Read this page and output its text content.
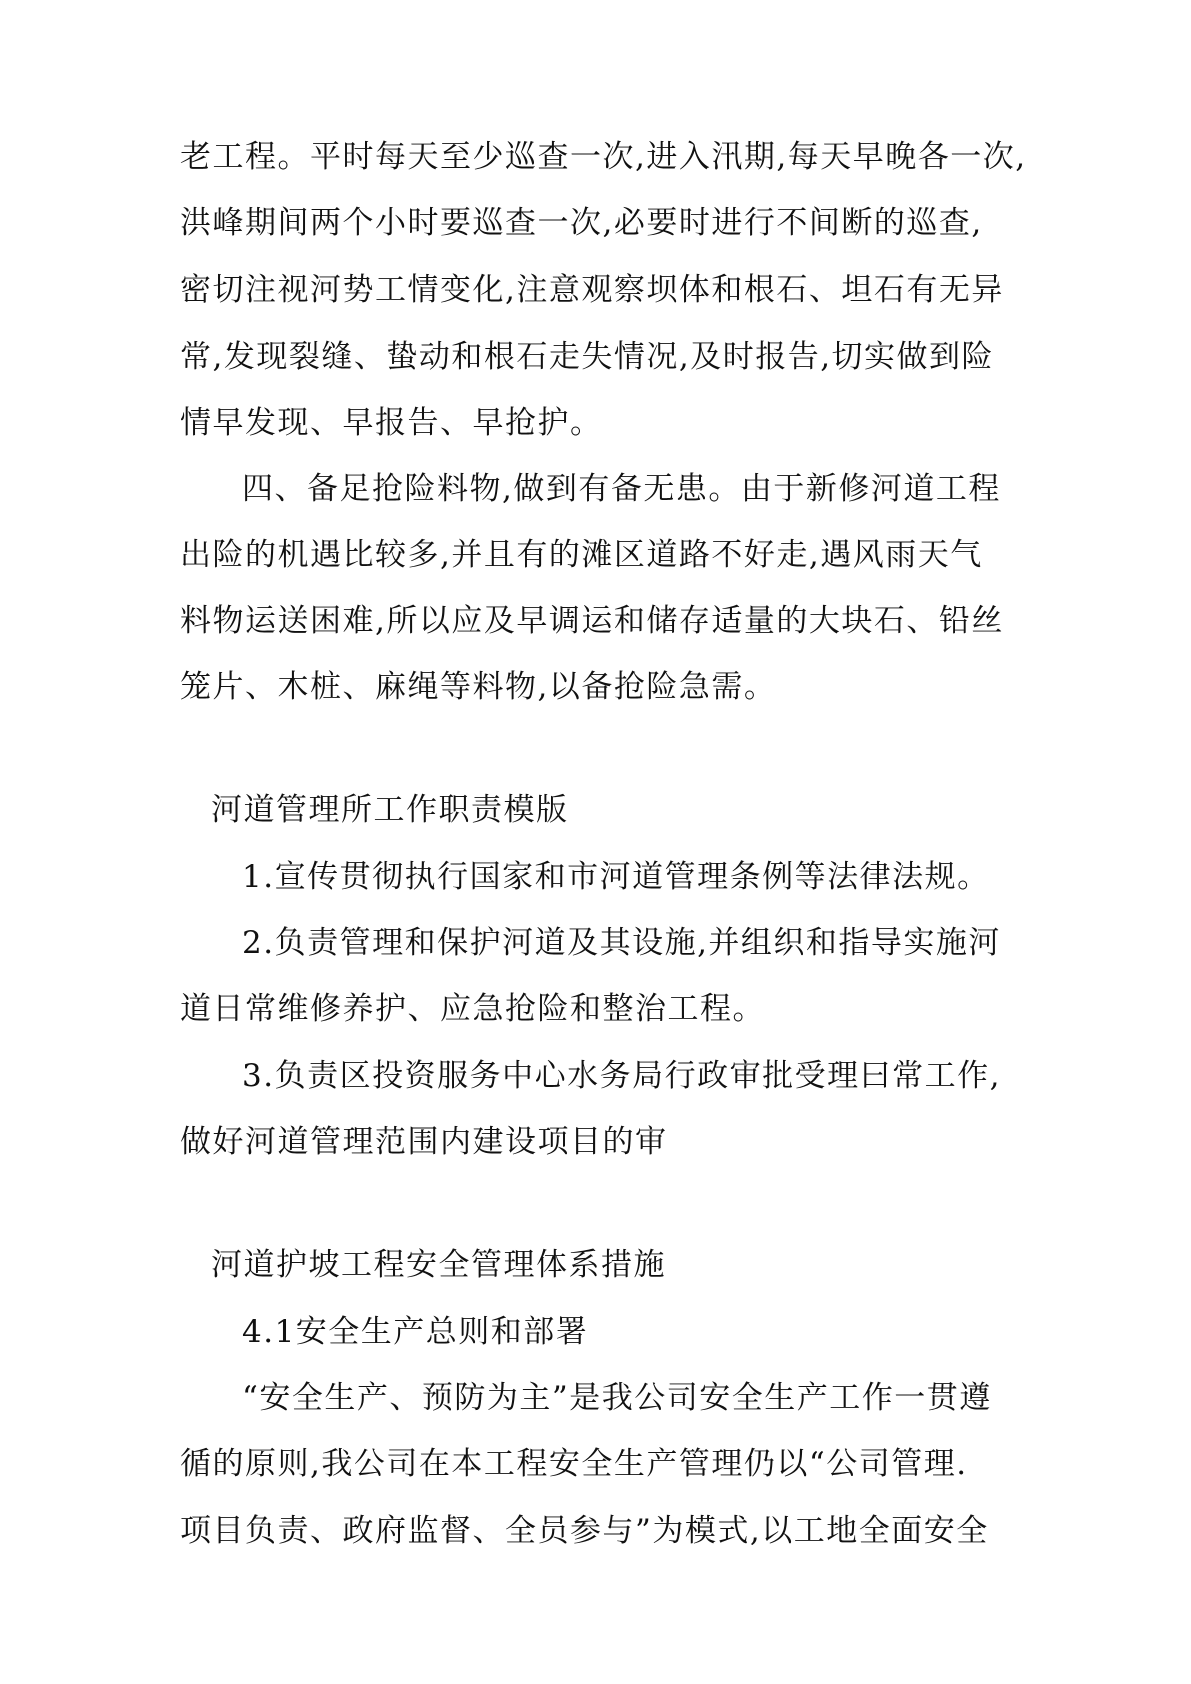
老工程。平时每天至少巡查一次,进入汛期,每天早晚各一次,
洪峰期间两个小时要巡查一次,必要时进行不间断的巡查,
密切注视河势工情变化,注意观察坝体和根石、坦石有无异
常,发现裂缝、蛰动和根石走失情况,及时报告,切实做到险
情早发现、早报告、早抢护。
四、备足抢险料物,做到有备无患。由于新修河道工程
出险的机遇比较多,并且有的滩区道路不好走,遇风雨天气
料物运送困难,所以应及早调运和储存适量的大块石、铅丝
笼片、木桩、麻绳等料物,以备抢险急需。
河道管理所工作职责模版
1.宣传贯彻执行国家和市河道管理条例等法律法规。
2.负责管理和保护河道及其设施,并组织和指导实施河
道日常维修养护、应急抢险和整治工程。
3.负责区投资服务中心水务局行政审批受理曰常工作,
做好河道管理范围内建设项目的审
河道护坡工程安全管理体系措施
4.1安全生产总则和部署
“安全生产、预防为主”是我公司安全生产工作一贯遵
循的原则,我公司在本工程安全生产管理仍以“公司管理.
项目负责、政府监督、全员参与”为模式,以工地全面安全
